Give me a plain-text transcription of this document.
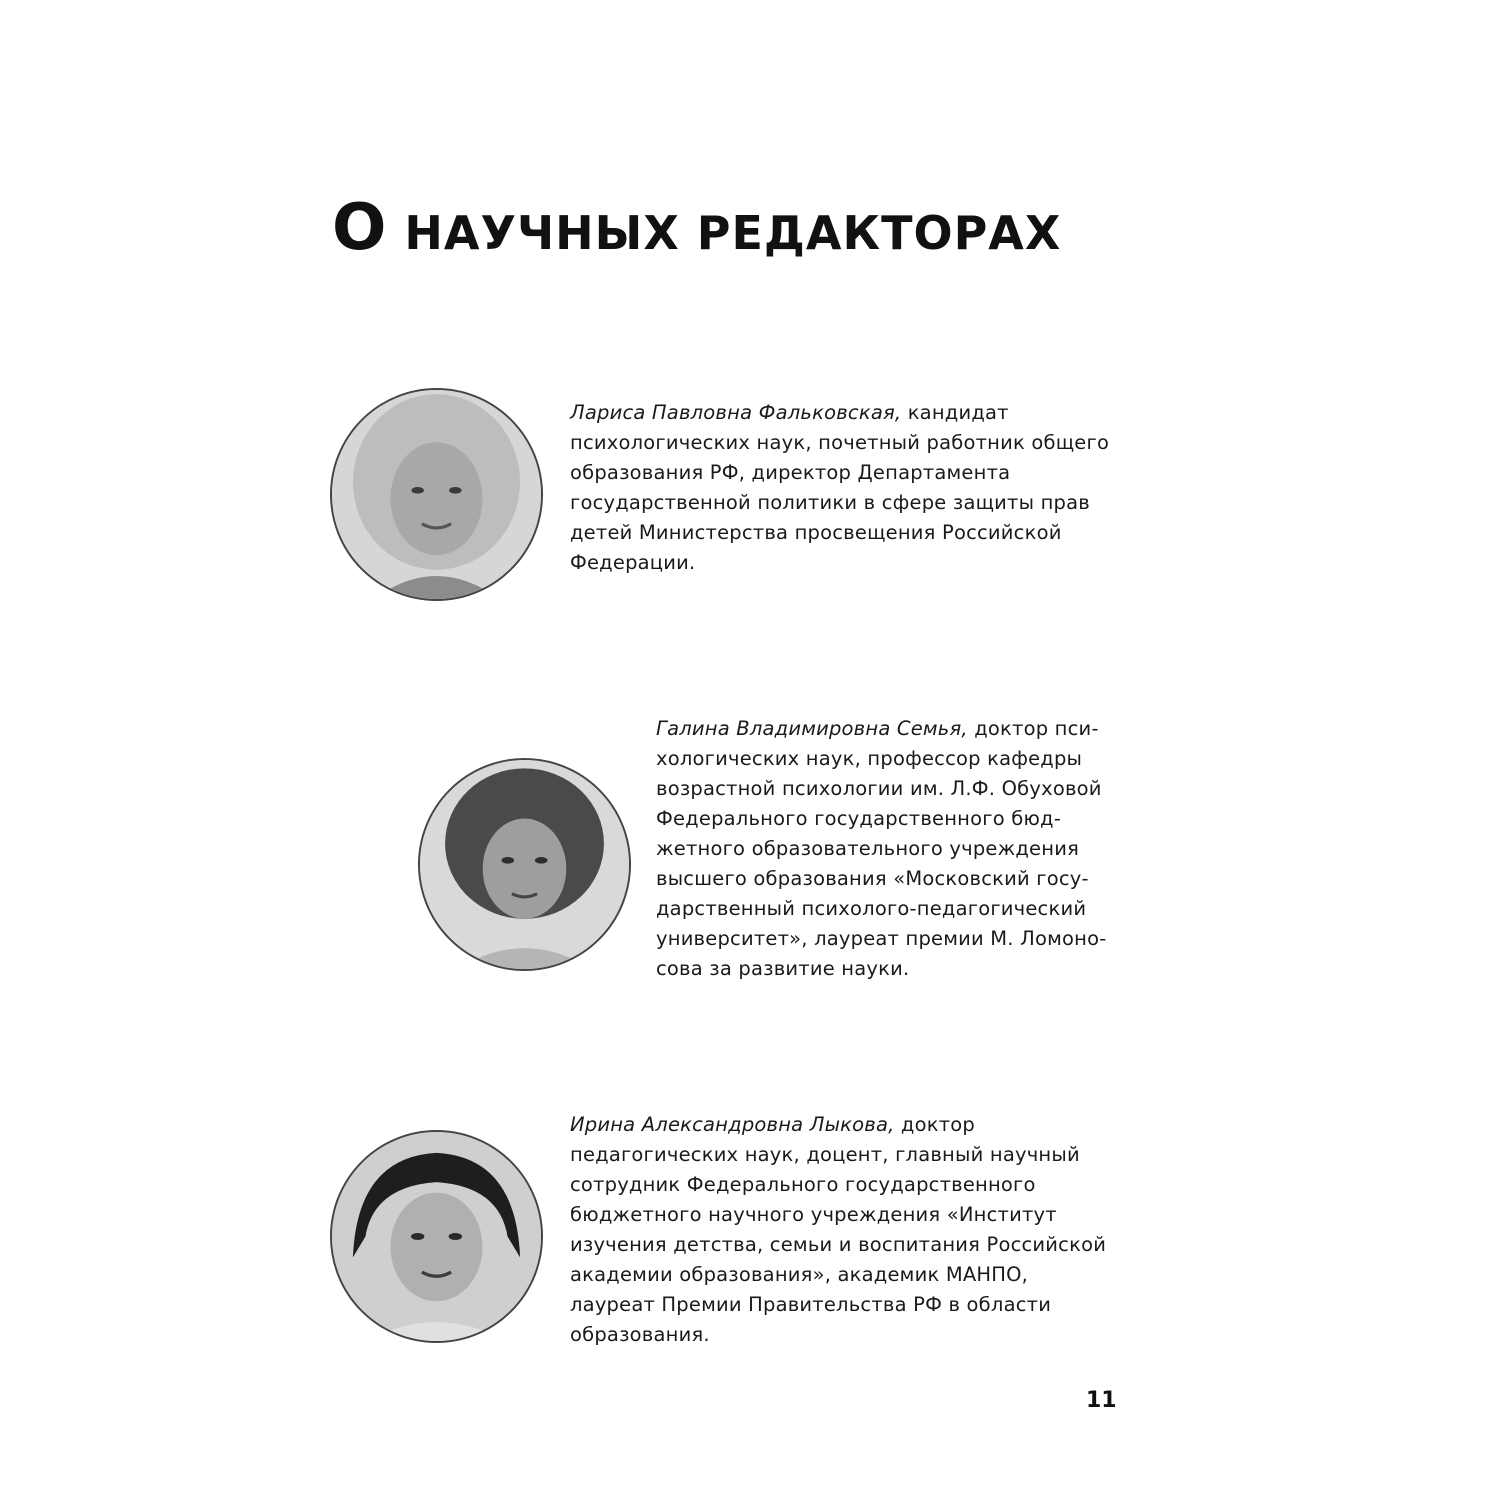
О НАУЧНЫХ РЕДАКТОРАХ

Лариса Павловна Фальковская, кандидат психологических наук, почетный работник общего образования РФ, директор Департамента государственной политики в сфере защиты прав детей Министерства просвещения Российской Федерации.

Галина Владимировна Семья, доктор психологических наук, профессор кафедры возрастной психологии им. Л.Ф. Обуховой Федерального государственного бюджетного образовательного учреждения высшего образования «Московский государственный психолого-педагогический университет», лауреат премии М. Ломоносова за развитие науки.

Ирина Александровна Лыкова, доктор педагогических наук, доцент, главный научный сотрудник Федерального государственного бюджетного научного учреждения «Институт изучения детства, семьи и воспитания Российской академии образования», академик МАНПО, лауреат Премии Правительства РФ в области образования.

11
